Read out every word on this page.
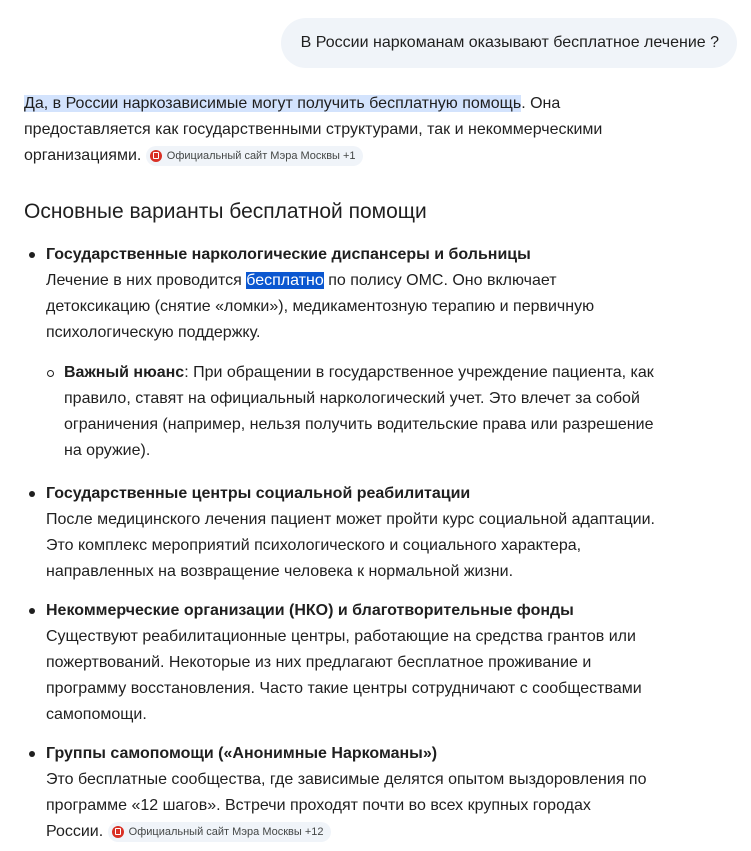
В России наркоманам оказывают бесплатное лечение ?

Да, в России наркозависимые могут получить бесплатную помощь. Она
предоставляется как государственными структурами, так и некоммерческими
организациями. Официальный сайт Мэра Москвы +1

Основные варианты бесплатной помощи

Государственные наркологические диспансеры и больницы

Лечение в них проводится бесплатно по полису ОМС. Оно включает
детоксикацию (снятие «ломки»), медикаментозную терапию и первичную
психологическую поддержку.

Важный нюанс: При обращении в государственное учреждение пациента, как
правило, ставят на официальный наркологический учет. Это влечет за собой
ограничения (например, нельзя получить водительские права или разрешение
на оружие).

Государственные центры социальной реабилитации

После медицинского лечения пациент может пройти курс социальной адаптации.
Это комплекс мероприятий психологического и социального характера,
направленных на возвращение человека к нормальной жизни.

Некоммерческие организации (НКО) и благотворительные фонды

Существуют реабилитационные центры, работающие на средства грантов или
пожертвований. Некоторые из них предлагают бесплатное проживание и
программу восстановления. Часто такие центры сотрудничают с сообществами
самопомощи.

Группы самопомощи («Анонимные Наркоманы»)

Это бесплатные сообщества, где зависимые делятся опытом выздоровления по
программе «12 шагов». Встречи проходят почти во всех крупных городах
России. Официальный сайт Мэра Москвы +12
